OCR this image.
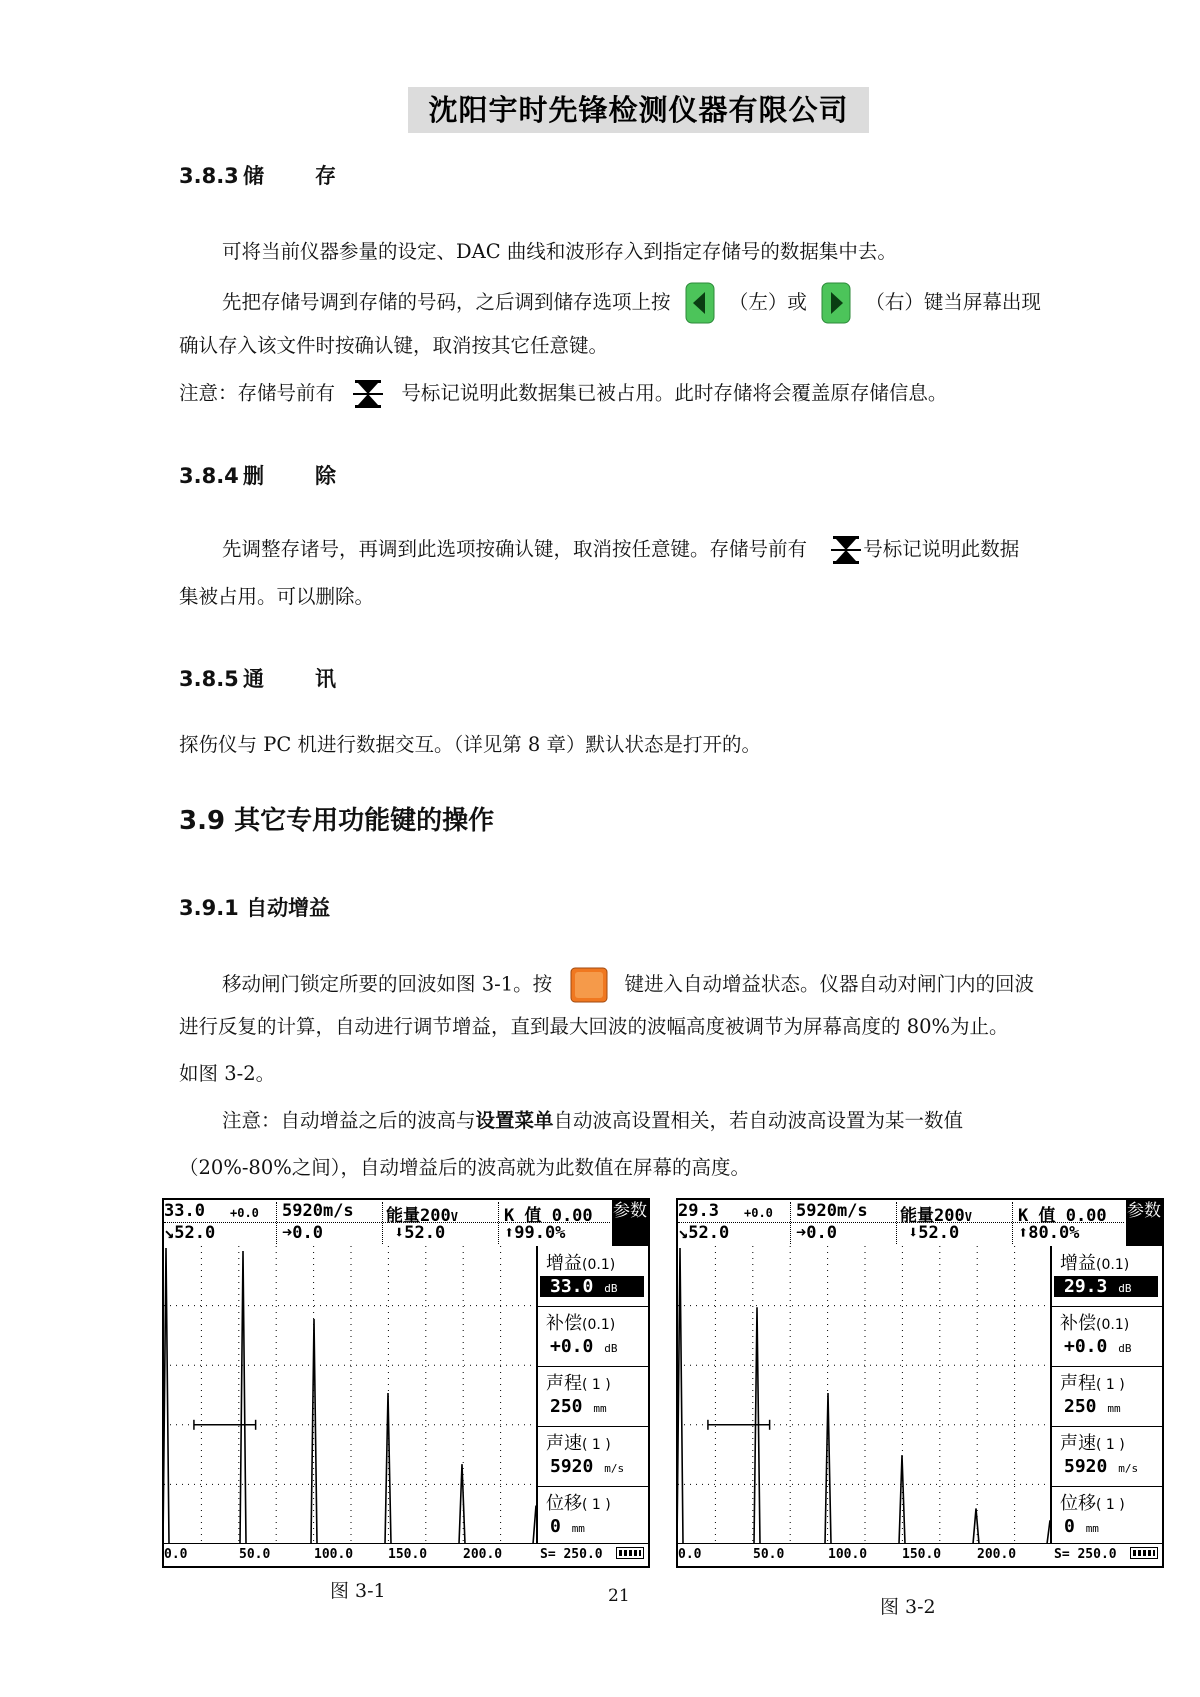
沈阳宇时先锋检测仪器有限公司
3.8.3 储 存
可将当前仪器参量的设定、DAC 曲线和波形存入到指定存储号的数据集中去。
先把存储号调到存储的号码，之后调到储存选项上按	（左）或	（右）键当屏幕出现
确认存入该文件时按确认键，取消按其它任意键。
注意：存储号前有	号标记说明此数据集已被占用。此时存储将会覆盖原存储信息。
3.8.4 删 除
先调整存诸号，再调到此选项按确认键，取消按任意键。存储号前有	号标记说明此数据
集被占用。可以删除。
3.8.5 通 讯
探伤仪与 PC 机进行数据交互。（详见第 8 章）默认状态是打开的。
3.9 其它专用功能键的操作
3.9.1 自动增益
移动闸门锁定所要的回波如图 3-1。按	键进入自动增益状态。仪器自动对闸门内的回波
进行反复的计算，自动进行调节增益，直到最大回波的波幅高度被调节为屏幕高度的 80%为止。
如图 3-2。
注意：自动增益之后的波高与设置菜单自动波高设置相关，若自动波高设置为某一数值
（20%-80%之间），自动增益后的波高就为此数值在屏幕的高度。
33.0 +0.0 5920m/s 能量200V	K 值 0.00
↘52.0	➜0.0	⬇52.0	⬆99.0%
参数
增益(0.1)
33.0 dB
补偿(0.1)
+0.0 dB
声程( 1 )
250 mm
声速( 1 )
5920 m/s
位移( 1 )
0 mm
0.0	50.0	100.0	150.0	200.0	S= 250.0
29.3 +0.0 5920m/s 能量200V	K 值 0.00
↘52.0	➜0.0	⬇52.0	⬆80.0%
参数
增益(0.1)
29.3 dB
补偿(0.1)
+0.0 dB
声程( 1 )
250 mm
声速( 1 )
5920 m/s
位移( 1 )
0 mm
0.0	50.0	100.0	150.0	200.0	S= 250.0
图 3-1	21	图 3-2
